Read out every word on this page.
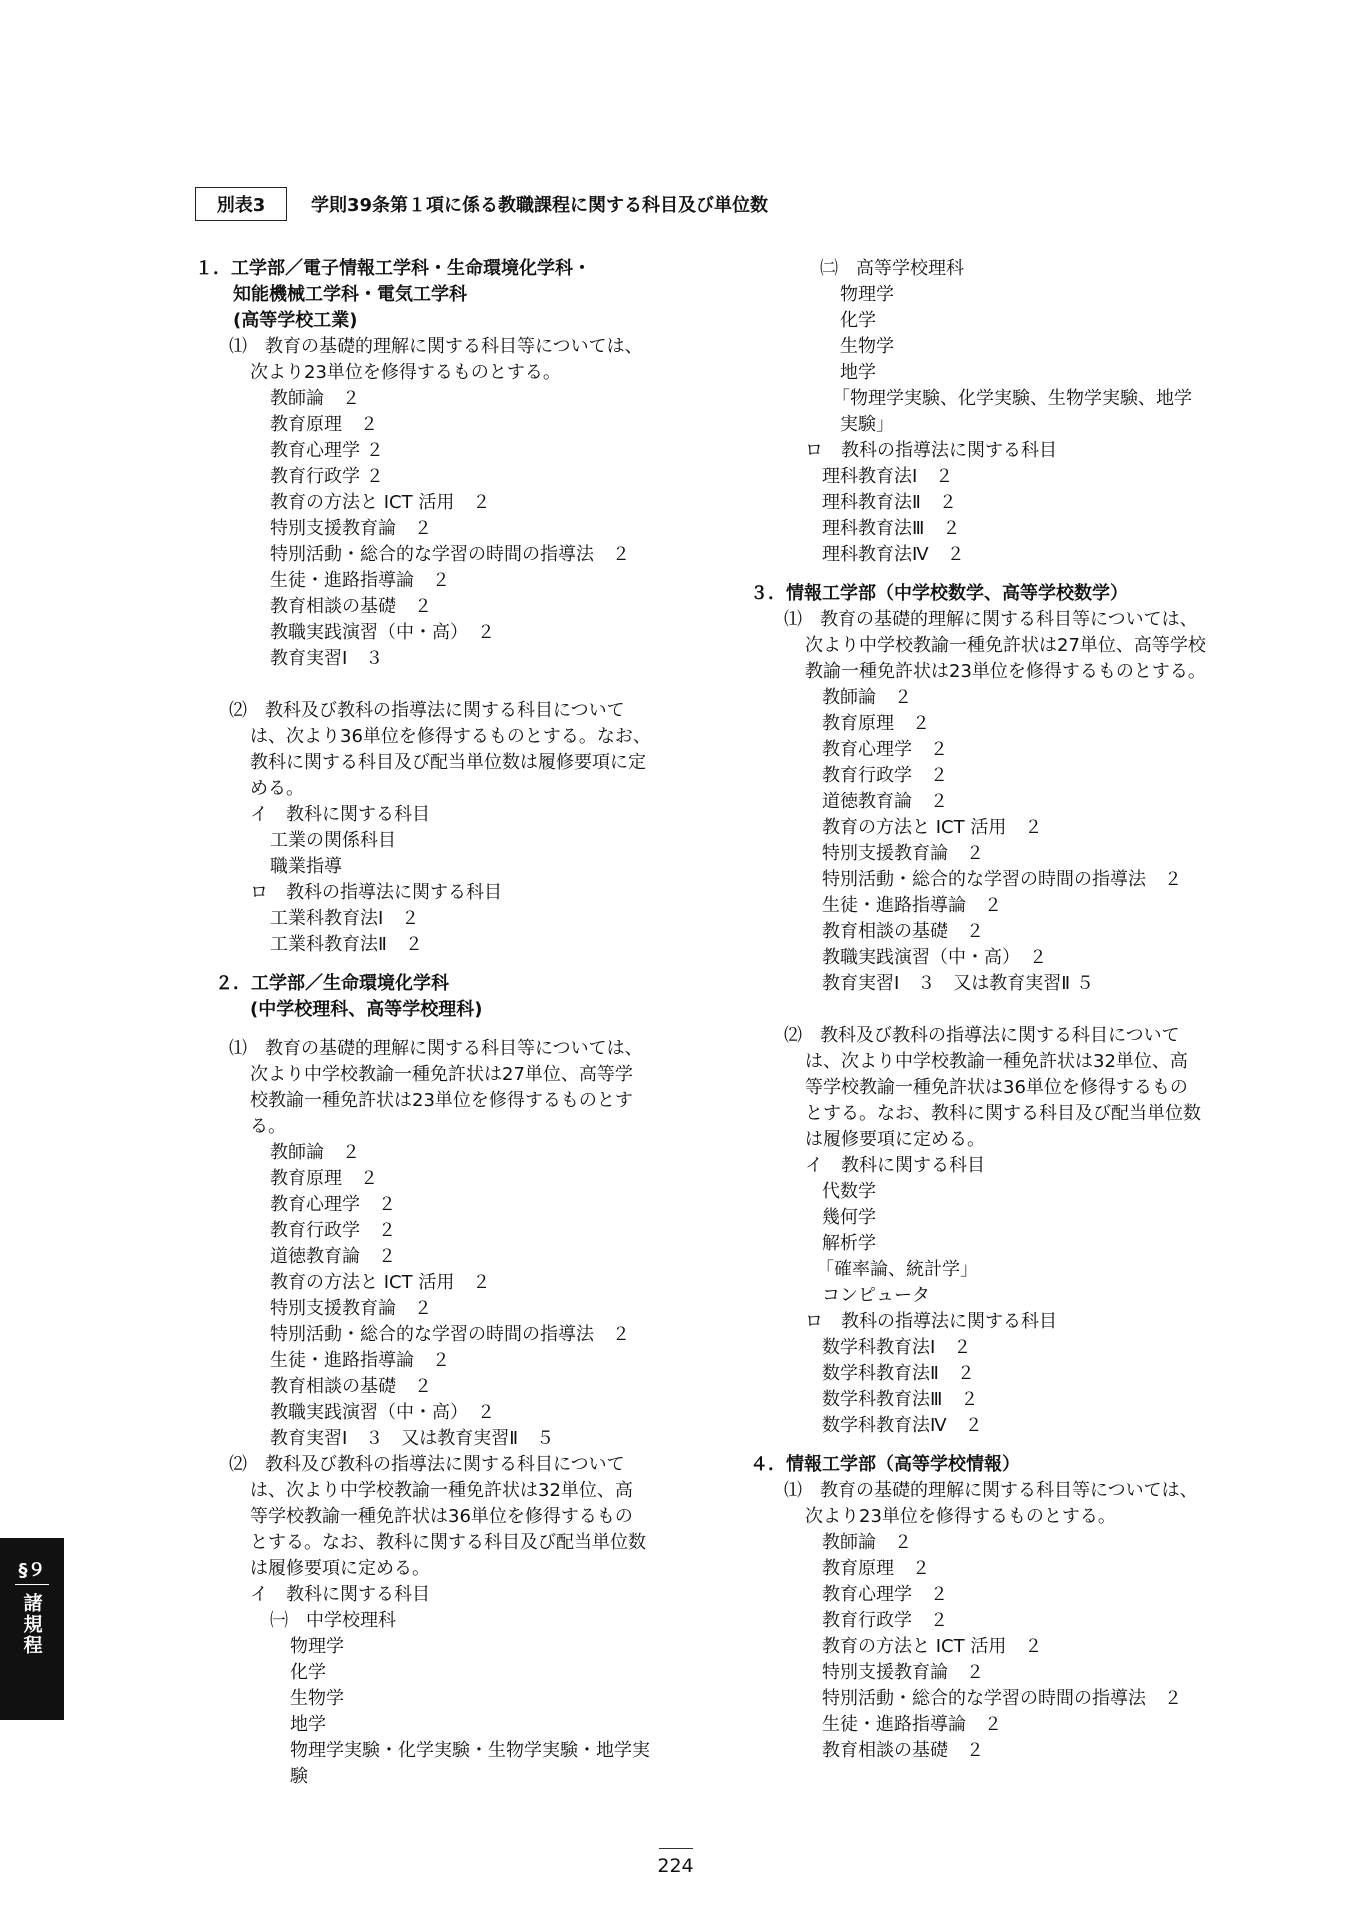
別表3	学則39条第１項に係る教職課程に関する科目及び単位数
１．工学部／電子情報工学科・生命環境化学科・
知能機械工学科・電気工学科
(高等学校工業)
⑴　教育の基礎的理解に関する科目等については、
次より23単位を修得するものとする。
教師論　２
教育原理　２
教育心理学 ２
教育行政学 ２
教育の方法と ICT 活用　２
特別支援教育論　２
特別活動・総合的な学習の時間の指導法　２
生徒・進路指導論　２
教育相談の基礎　２
教職実践演習（中・高）　２
教育実習Ⅰ　３
⑵　教科及び教科の指導法に関する科目について
は、次より36単位を修得するものとする。なお、
教科に関する科目及び配当単位数は履修要項に定
める。
イ　教科に関する科目
工業の関係科目
職業指導
ロ　教科の指導法に関する科目
工業科教育法Ⅰ　２
工業科教育法Ⅱ　２
２．工学部／生命環境化学科
(中学校理科、高等学校理科)
⑴　教育の基礎的理解に関する科目等については、
次より中学校教諭一種免許状は27単位、高等学
校教諭一種免許状は23単位を修得するものとす
る。
教師論　２
教育原理　２
教育心理学　２
教育行政学　２
道徳教育論　２
教育の方法と ICT 活用　２
特別支援教育論　２
特別活動・総合的な学習の時間の指導法　２
生徒・進路指導論　２
教育相談の基礎　２
教職実践演習（中・高）　２
教育実習Ⅰ　３　又は教育実習Ⅱ　５
⑵　教科及び教科の指導法に関する科目について
は、次より中学校教諭一種免許状は32単位、高
等学校教諭一種免許状は36単位を修得するもの
とする。なお、教科に関する科目及び配当単位数
は履修要項に定める。
イ　教科に関する科目
㈠　中学校理科
物理学
化学
生物学
地学
物理学実験・化学実験・生物学実験・地学実
験
㈡　高等学校理科
物理学
化学
生物学
地学
「物理学実験、化学実験、生物学実験、地学
実験」
ロ　教科の指導法に関する科目
理科教育法Ⅰ　２
理科教育法Ⅱ　２
理科教育法Ⅲ　２
理科教育法Ⅳ　２
３．情報工学部（中学校数学、高等学校数学）
⑴　教育の基礎的理解に関する科目等については、
次より中学校教諭一種免許状は27単位、高等学校
教諭一種免許状は23単位を修得するものとする。
教師論　２
教育原理　２
教育心理学　２
教育行政学　２
道徳教育論　２
教育の方法と ICT 活用　２
特別支援教育論　２
特別活動・総合的な学習の時間の指導法　２
生徒・進路指導論　２
教育相談の基礎　２
教職実践演習（中・高）　２
教育実習Ⅰ　３　又は教育実習Ⅱ ５
⑵　教科及び教科の指導法に関する科目について
は、次より中学校教諭一種免許状は32単位、高
等学校教諭一種免許状は36単位を修得するもの
とする。なお、教科に関する科目及び配当単位数
は履修要項に定める。
イ　教科に関する科目
代数学
幾何学
解析学
「確率論、統計学」
コンピュータ
ロ　教科の指導法に関する科目
数学科教育法Ⅰ　２
数学科教育法Ⅱ　２
数学科教育法Ⅲ　２
数学科教育法Ⅳ　２
４．情報工学部（高等学校情報）
⑴　教育の基礎的理解に関する科目等については、
次より23単位を修得するものとする。
教師論　２
教育原理　２
教育心理学　２
教育行政学　２
教育の方法と ICT 活用　２
特別支援教育論　２
特別活動・総合的な学習の時間の指導法　２
生徒・進路指導論　２
教育相談の基礎　２
§９
諸規程
224
